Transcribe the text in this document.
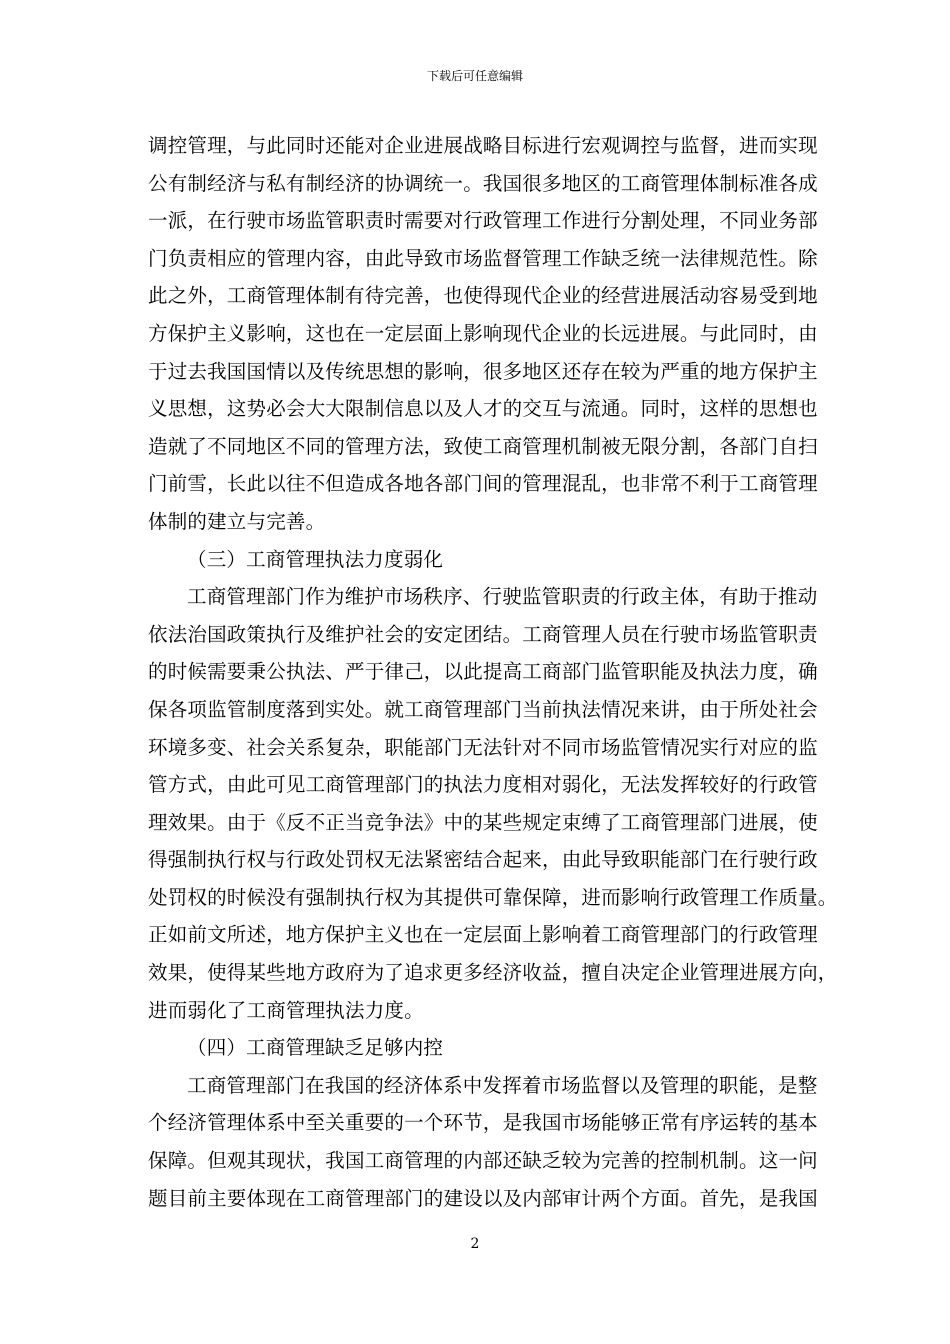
下载后可任意编辑
调控管理，与此同时还能对企业进展战略目标进行宏观调控与监督，进而实现
公有制经济与私有制经济的协调统一。我国很多地区的工商管理体制标准各成
一派，在行驶市场监管职责时需要对行政管理工作进行分割处理，不同业务部
门负责相应的管理内容，由此导致市场监督管理工作缺乏统一法律规范性。除
此之外，工商管理体制有待完善，也使得现代企业的经营进展活动容易受到地
方保护主义影响，这也在一定层面上影响现代企业的长远进展。与此同时，由
于过去我国国情以及传统思想的影响，很多地区还存在较为严重的地方保护主
义思想，这势必会大大限制信息以及人才的交互与流通。同时，这样的思想也
造就了不同地区不同的管理方法，致使工商管理机制被无限分割，各部门自扫
门前雪，长此以往不但造成各地各部门间的管理混乱，也非常不利于工商管理
体制的建立与完善。
（三）工商管理执法力度弱化
工商管理部门作为维护市场秩序、行驶监管职责的行政主体，有助于推动
依法治国政策执行及维护社会的安定团结。工商管理人员在行驶市场监管职责
的时候需要秉公执法、严于律己，以此提高工商部门监管职能及执法力度，确
保各项监管制度落到实处。就工商管理部门当前执法情况来讲，由于所处社会
环境多变、社会关系复杂，职能部门无法针对不同市场监管情况实行对应的监
管方式，由此可见工商管理部门的执法力度相对弱化，无法发挥较好的行政管
理效果。由于《反不正当竞争法》中的某些规定束缚了工商管理部门进展，使
得强制执行权与行政处罚权无法紧密结合起来，由此导致职能部门在行驶行政
处罚权的时候没有强制执行权为其提供可靠保障，进而影响行政管理工作质量。
正如前文所述，地方保护主义也在一定层面上影响着工商管理部门的行政管理
效果，使得某些地方政府为了追求更多经济收益，擅自决定企业管理进展方向，
进而弱化了工商管理执法力度。
（四）工商管理缺乏足够内控
工商管理部门在我国的经济体系中发挥着市场监督以及管理的职能，是整
个经济管理体系中至关重要的一个环节，是我国市场能够正常有序运转的基本
保障。但观其现状，我国工商管理的内部还缺乏较为完善的控制机制。这一问
题目前主要体现在工商管理部门的建设以及内部审计两个方面。首先，是我国
2
